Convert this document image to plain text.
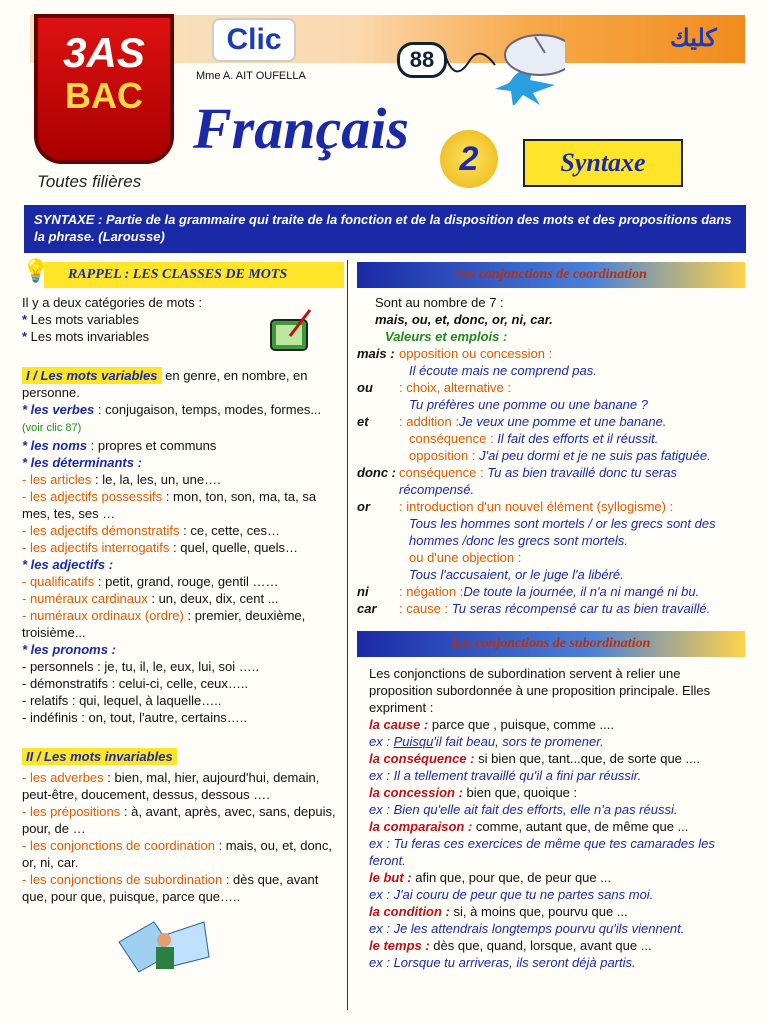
3AS
BAC
Clic
Mme A. AIT OUFELLA
88
كليك
Français	2	Syntaxe
Toutes filières
SYNTAXE : Partie de la grammaire qui traite de la fonction et de la disposition des mots et des propositions dans la phrase. (Larousse)
💡	RAPPEL : LES CLASSES DE MOTS
Il y a deux catégories de mots :
* Les mots variables
* Les mots invariables
I / Les mots variables en genre, en nombre, en personne.
* les verbes : conjugaison, temps, modes, formes... (voir clic 87)
* les noms : propres et communs
* les déterminants :
- les articles : le, la, les, un, une….
- les adjectifs possessifs : mon, ton, son, ma, ta, sa mes, tes, ses …
- les adjectifs démonstratifs : ce, cette, ces…
- les adjectifs interrogatifs : quel, quelle, quels…
* les adjectifs :
- qualificatifs : petit, grand, rouge, gentil ……
- numéraux cardinaux : un, deux, dix, cent ...
- numéraux ordinaux (ordre) : premier, deuxième, troisième...
* les pronoms :
- personnels : je, tu, il, le, eux, lui, soi …..
- démonstratifs : celui-ci, celle, ceux…..
- relatifs : qui, lequel, à laquelle…..
- indéfinis : on, tout, l'autre, certains…..
II / Les mots invariables
- les adverbes : bien, mal, hier, aujourd'hui, demain, peut-être, doucement, dessus, dessous ….
- les prépositions : à, avant, après, avec, sans, depuis, pour, de …
- les conjonctions de coordination : mais, ou, et, donc, or, ni, car.
- les conjonctions de subordination : dès que, avant que, pour que, puisque, parce que…..
Les conjonctions de coordination
Sont au nombre de 7 :
mais, ou, et, donc, or, ni, car.
Valeurs et emplois :
mais : opposition ou concession :
Il écoute mais ne comprend pas.
ou	: choix, alternative :
Tu préfères une pomme ou une banane ?
et	: addition : Je veux une pomme et une banane.
conséquence : Il fait des efforts et il réussit.
opposition : J'ai peu dormi et je ne suis pas fatiguée.
donc : conséquence : Tu as bien travaillé donc tu seras récompensé.
or	: introduction d'un nouvel élément (syllogisme) :
Tous les hommes sont mortels / or les grecs sont des hommes /donc les grecs sont mortels.
ou d'une objection :
Tous l'accusaient, or le juge l'a libéré.
ni	: négation : De toute la journée, il n'a ni mangé ni bu.
car	: cause : Tu seras récompensé car tu as bien travaillé.
Les conjonctions de subordination
Les conjonctions de subordination servent à relier une proposition subordonnée à une proposition principale. Elles expriment :
la cause : parce que , puisque, comme ....
ex : Puisqu'il fait beau, sors te promener.
la conséquence : si bien que, tant...que, de sorte que ....
ex : Il a tellement travaillé qu'il a fini par réussir.
la concession : bien que, quoique :
ex : Bien qu'elle ait fait des efforts, elle n'a pas réussi.
la comparaison : comme, autant que, de même que ...
ex : Tu feras ces exercices de même que tes camarades les feront.
le but : afin que, pour que, de peur que ...
ex : J'ai couru de peur que tu ne partes sans moi.
la condition : si, à moins que, pourvu que ...
ex : Je les attendrais longtemps pourvu qu'ils viennent.
le temps : dès que, quand, lorsque, avant que ...
ex : Lorsque tu arriveras, ils seront déjà partis.
